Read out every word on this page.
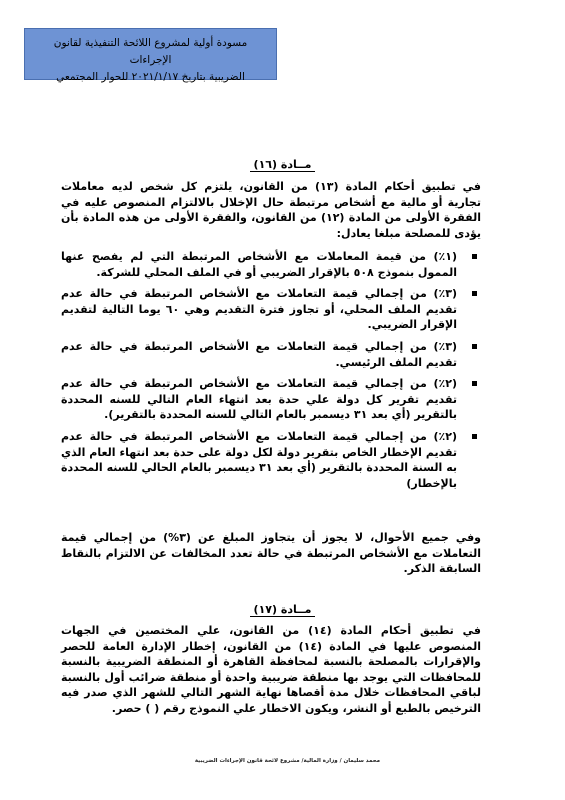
مسودة أولية لمشروع اللائحة التنفيذية لقانون الإجراءات
الضريبية بتاريخ ٢٠٢١/١/١٧ للحوار المجتمعي
مــادة (١٦)

في تطبيق أحكام المادة (١٣) من القانون، يلتزم كل شخص لديه معاملات تجارية أو مالية مع أشخاص مرتبطة حال الإخلال بالالتزام المنصوص عليه في الفقرة الأولى من المادة (١٢) من القانون، والفقرة الأولى من هذه المادة بأن يؤدى للمصلحة مبلغا يعادل:

(١٪) من قيمة المعاملات مع الأشخاص المرتبطة التي لم يفصح عنها الممول بنموذج ٥٠٨ بالإقرار الضريبي أو في الملف المحلي للشركة.
(٣٪) من إجمالي قيمة التعاملات مع الأشخاص المرتبطة في حالة عدم تقديم الملف المحلي، أو تجاوز فترة التقديم وهي ٦٠ يوما التالية لتقديم الإقرار الضريبي.
(٣٪) من إجمالي قيمة التعاملات مع الأشخاص المرتبطة في حالة عدم تقديم الملف الرئيسي.
(٢٪) من إجمالي قيمة التعاملات مع الأشخاص المرتبطة في حالة عدم تقديم تقرير كل دولة علي حدة بعد انتهاء العام التالي للسنه المحددة بالتقرير (أي بعد ٣١ ديسمبر بالعام التالي للسنه المحددة بالتقرير).
(٢٪) من إجمالي قيمة التعاملات مع الأشخاص المرتبطة في حالة عدم تقديم الإخطار الخاص بتقرير دولة لكل دولة على حدة بعد انتهاء العام الذي به السنة المحددة بالتقرير (أي بعد ٣١ ديسمبر بالعام الحالي للسنه المحددة بالإخطار)

وفي جميع الأحوال، لا يجوز أن يتجاوز المبلغ عن (٣%) من إجمالي قيمة التعاملات مع الأشخاص المرتبطة في حالة تعدد المخالفات عن الالتزام بالنقاط السابقة الذكر.

مــادة (١٧)

في تطبيق أحكام المادة (١٤) من القانون، علي المختصين في الجهات المنصوص عليها في المادة (١٤) من القانون، إخطار الإدارة العامة للحصر والإقرارات بالمصلحة بالنسبة لمحافظة القاهرة أو المنطقة الضريبية بالنسبة للمحافظات التي يوجد بها منطقة ضريبية واحدة أو منطقة ضرائب أول بالنسبة لباقي المحافظات خلال مدة أقصاها نهاية الشهر التالي للشهر الذي صدر فيه الترخيص بالطبع أو النشر، ويكون الاخطار علي النموذج رقم ( ) حصر.

محمد سليمان / وزارة المالية/ مشروع لائحة قانون الإجراءات الضريبية
